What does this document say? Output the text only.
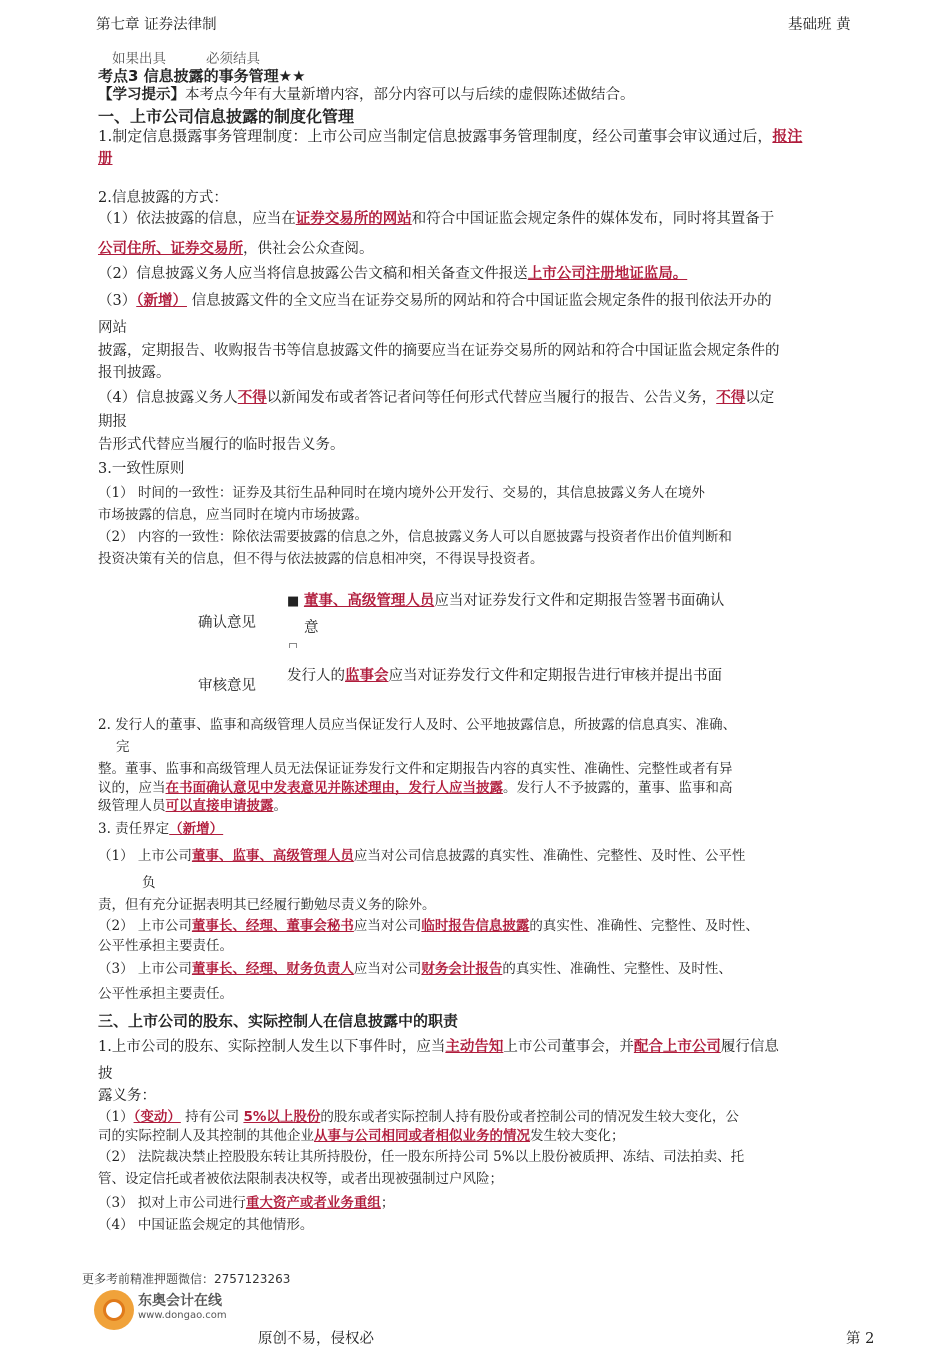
第七章 证券法律制	基础班 黄
如果出具	必须结具
考点3 信息披露的事务管理★★
【学习提示】本考点今年有大量新增内容，部分内容可以与后续的虚假陈述做结合。
一、上市公司信息披露的制度化管理
1.制定信息摄露事务管理制度：上市公司应当制定信息披露事务管理制度，经公司董事会审议通过后，报注
册
2.信息披露的方式：
（1）依法披露的信息，应当在证券交易所的网站和符合中国证监会规定条件的媒体发布，同时将其置备于
公司住所、证券交易所，供社会公众查阅。
（2）信息披露义务人应当将信息披露公告文稿和相关备查文件报送上市公司注册地证监局。
（3）（新增） 信息披露文件的全文应当在证券交易所的网站和符合中国证监会规定条件的报刊依法开办的
网站
披露，定期报告、收购报告书等信息披露文件的摘要应当在证券交易所的网站和符合中国证监会规定条件的
报刊披露。
（4）信息披露义务人不得以新闻发布或者答记者问等任何形式代替应当履行的报告、公告义务，不得以定
期报
告形式代替应当履行的临时报告义务。
3.一致性原则
（1） 时间的一致性：证券及其衍生品种同时在境内境外公开发行、交易的，其信息披露义务人在境外
市场披露的信息，应当同时在境内市场披露。
（2） 内容的一致性：除依法需要披露的信息之外，信息披露义务人可以自愿披露与投资者作出价值判断和
投资决策有关的信息，但不得与依法披露的信息相冲突，不得误导投资者。
确认意见
■ 董事、高级管理人员应当对证券发行文件和定期报告签署书面确认
意
审核意见
发行人的监事会应当对证券发行文件和定期报告进行审核并提出书面
2. 发行人的董事、监事和高级管理人员应当保证发行人及时、公平地披露信息，所披露的信息真实、准确、
完
整。董事、监事和高级管理人员无法保证证券发行文件和定期报告内容的真实性、准确性、完整性或者有异
议的，应当在书面确认意见中发表意见并陈述理由，发行人应当披露。发行人不予披露的，董事、监事和高
级管理人员可以直接申请披露。
3. 责任界定（新增）
（1） 上市公司董事、监事、高级管理人员应当对公司信息披露的真实性、准确性、完整性、及时性、公平性
负
责，但有充分证据表明其已经履行勤勉尽责义务的除外。
（2） 上市公司董事长、经理、董事会秘书应当对公司临时报告信息披露的真实性、准确性、完整性、及时性、
公平性承担主要责任。
（3） 上市公司董事长、经理、财务负责人应当对公司财务会计报告的真实性、准确性、完整性、及时性、
公平性承担主要责任。
三、上市公司的股东、实际控制人在信息披露中的职责
1.上市公司的股东、实际控制人发生以下事件时，应当主动告知上市公司董事会，并配合上市公司履行信息
披
露义务：
（1）（变动） 持有公司 5%以上股份的股东或者实际控制人持有股份或者控制公司的情况发生较大变化，公
司的实际控制人及其控制的其他企业从事与公司相同或者相似业务的情况发生较大变化；
（2） 法院裁决禁止控股股东转让其所持股份，任一股东所持公司 5%以上股份被质押、冻结、司法拍卖、托
管、设定信托或者被依法限制表决权等，或者出现被强制过户风险；
（3） 拟对上市公司进行重大资产或者业务重组；
（4） 中国证监会规定的其他情形。
更多考前精准押题微信：2757123263
东奥会计在线
www.dongao.com
原创不易，侵权必	第 2
